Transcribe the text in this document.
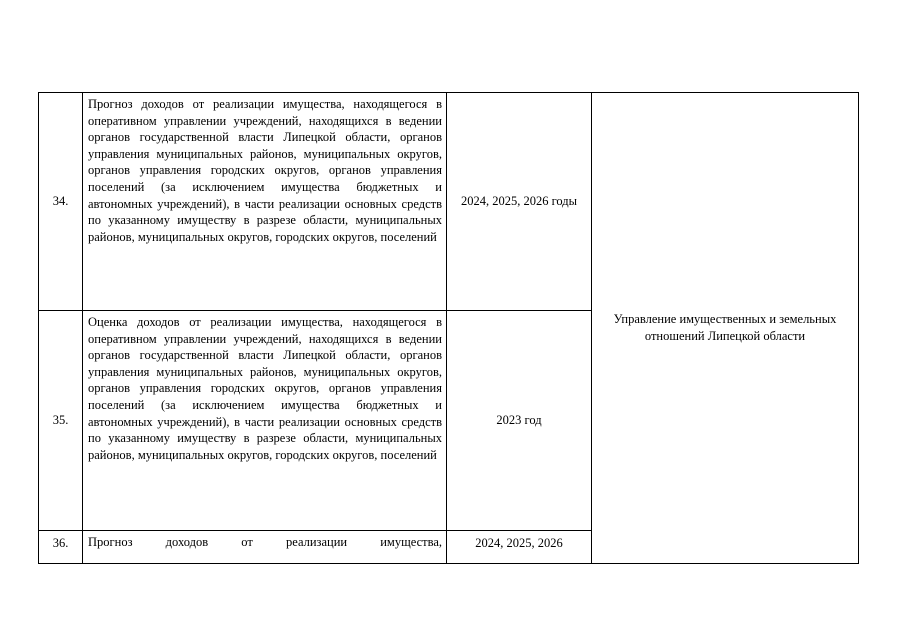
34.	Прогноз доходов от реализации имущества, находящегося в оперативном управлении учреждений, находящихся в ведении органов государственной власти Липецкой области, органов управления муниципальных районов, муниципальных округов, органов управления городских округов, органов управления поселений (за исключением имущества бюджетных и автономных учреждений), в части реализации основных средств по указанному имуществу в разрезе области, муниципальных районов, муниципальных округов, городских округов, поселений	2024, 2025, 2026 годы	Управление имущественных и земельных отношений Липецкой области
35.	Оценка доходов от реализации имущества, находящегося в оперативном управлении учреждений, находящихся в ведении органов государственной власти Липецкой области, органов управления муниципальных районов, муниципальных округов, органов управления городских округов, органов управления поселений (за исключением имущества бюджетных и автономных учреждений), в части реализации основных средств по указанному имуществу в разрезе области, муниципальных районов, муниципальных округов, городских округов, поселений	2023 год	
36.	Прогноз доходов от реализации имущества,	2024, 2025, 2026	
